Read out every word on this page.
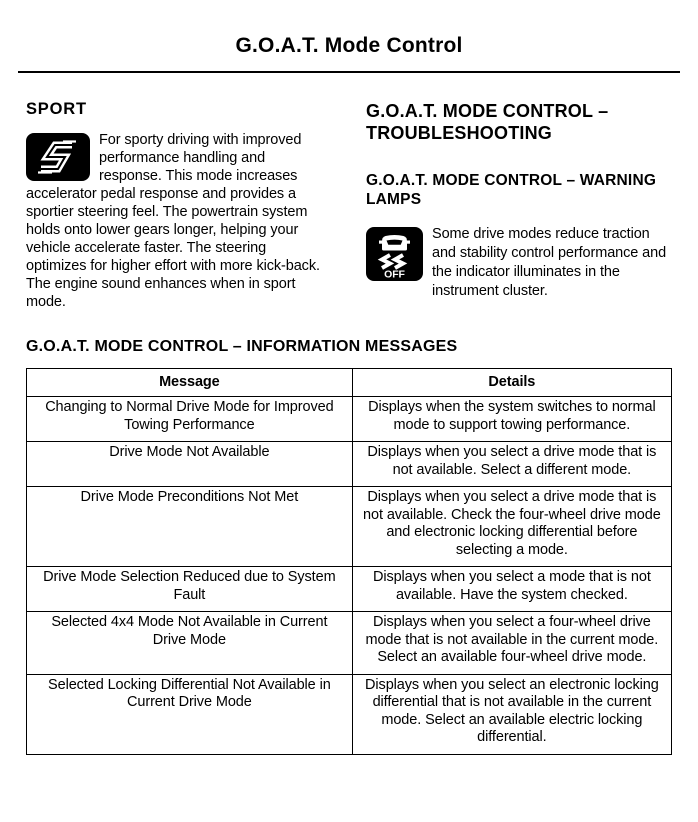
G.O.A.T. Mode Control
SPORT
For sporty driving with improved performance handling and response. This mode increases accelerator pedal response and provides a sportier steering feel. The powertrain system holds onto lower gears longer, helping your vehicle accelerate faster. The steering optimizes for higher effort with more kick-back. The engine sound enhances when in sport mode.
G.O.A.T. MODE CONTROL – TROUBLESHOOTING
G.O.A.T. MODE CONTROL – WARNING LAMPS
OFF
Some drive modes reduce traction and stability control performance and the indicator illuminates in the instrument cluster.
G.O.A.T. MODE CONTROL – INFORMATION MESSAGES
Message	Details
Changing to Normal Drive Mode for Improved Towing Performance	Displays when the system switches to normal mode to support towing performance.
Drive Mode Not Available	Displays when you select a drive mode that is not available. Select a different mode.
Drive Mode Preconditions Not Met	Displays when you select a drive mode that is not available. Check the four-wheel drive mode and electronic locking differential before selecting a mode.
Drive Mode Selection Reduced due to System Fault	Displays when you select a mode that is not available. Have the system checked.
Selected 4x4 Mode Not Available in Current Drive Mode	Displays when you select a four-wheel drive mode that is not available in the current mode. Select an available four-wheel drive mode.
Selected Locking Differential Not Available in Current Drive Mode	Displays when you select an electronic locking differential that is not available in the current mode. Select an available electric locking differential.
